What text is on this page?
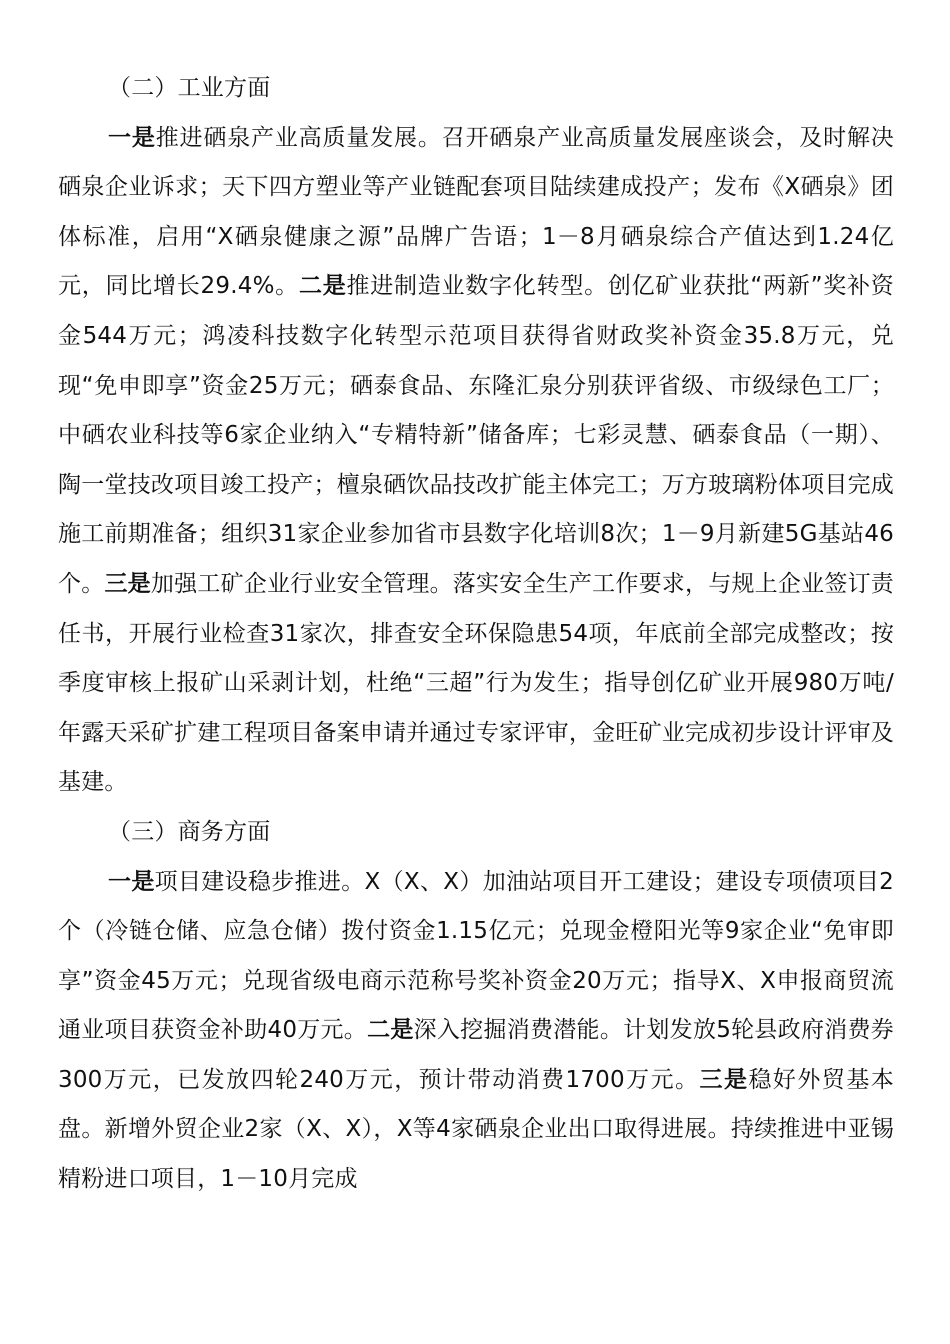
（二）工业方面

一是推进硒泉产业高质量发展。召开硒泉产业高质量发展座谈会，及时解决硒泉企业诉求；天下四方塑业等产业链配套项目陆续建成投产；发布《X硒泉》团体标准，启用“X硒泉健康之源”品牌广告语；1－8月硒泉综合产值达到1.24亿元，同比增长29.4%。二是推进制造业数字化转型。创亿矿业获批“两新”奖补资金544万元；鸿凌科技数字化转型示范项目获得省财政奖补资金35.8万元，兑现“免申即享”资金25万元；硒泰食品、东隆汇泉分别获评省级、市级绿色工厂；中硒农业科技等6家企业纳入“专精特新”储备库；七彩灵慧、硒泰食品（一期）、陶一堂技改项目竣工投产；檀泉硒饮品技改扩能主体完工；万方玻璃粉体项目完成施工前期准备；组织31家企业参加省市县数字化培训8次；1－9月新建5G基站46个。三是加强工矿企业行业安全管理。落实安全生产工作要求，与规上企业签订责任书，开展行业检查31家次，排查安全环保隐患54项，年底前全部完成整改；按季度审核上报矿山采剥计划，杜绝“三超”行为发生；指导创亿矿业开展980万吨/年露天采矿扩建工程项目备案申请并通过专家评审，金旺矿业完成初步设计评审及基建。

（三）商务方面

一是项目建设稳步推进。X（X、X）加油站项目开工建设；建设专项债项目2个（冷链仓储、应急仓储）拨付资金1.15亿元；兑现金橙阳光等9家企业“免审即享”资金45万元；兑现省级电商示范称号奖补资金20万元；指导X、X申报商贸流通业项目获资金补助40万元。二是深入挖掘消费潜能。计划发放5轮县政府消费券300万元，已发放四轮240万元，预计带动消费1700万元。三是稳好外贸基本盘。新增外贸企业2家（X、X），X等4家硒泉企业出口取得进展。持续推进中亚锡精粉进口项目，1－10月完成
